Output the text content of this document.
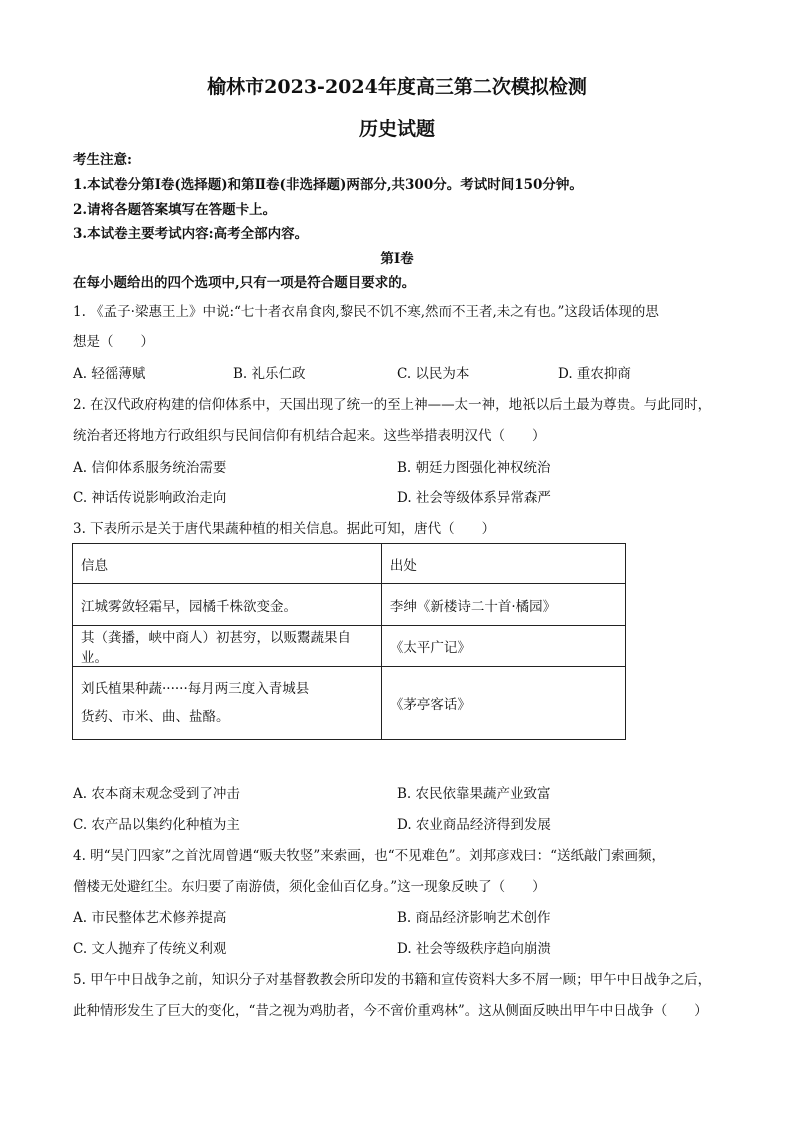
榆林市2023-2024年度高三第二次模拟检测
历史试题
考生注意:
1.本试卷分第Ⅰ卷(选择题)和第Ⅱ卷(非选择题)两部分,共300分。考试时间150分钟。
2.请将各题答案填写在答题卡上。
3.本试卷主要考试内容:高考全部内容。
第Ⅰ卷
在每小题给出的四个选项中,只有一项是符合题目要求的。
1. 《孟子·梁惠王上》中说:“七十者衣帛食肉,黎民不饥不寒,然而不王者,未之有也。”这段话体现的思
想是（　　）
A. 轻徭薄赋	B. 礼乐仁政	C. 以民为本	D. 重农抑商
2. 在汉代政府构建的信仰体系中，天国出现了统一的至上神——太一神，地祇以后土最为尊贵。与此同时，
统治者还将地方行政组织与民间信仰有机结合起来。这些举措表明汉代（　　）
A. 信仰体系服务统治需要	B. 朝廷力图强化神权统治
C. 神话传说影响政治走向	D. 社会等级体系异常森严
3. 下表所示是关于唐代果蔬种植的相关信息。据此可知，唐代（　　）
信息	出处
江城雾敛轻霜早，园橘千株欲变金。	李绅《新楼诗二十首·橘园》
其（龚播，峡中商人）初甚穷，以贩鬻蔬果自业。	《太平广记》

刘氏植果种蔬······每月两三度入青城县
货药、市米、曲、盐酪。	《茅亭客话》
A. 农本商末观念受到了冲击	B. 农民依靠果蔬产业致富
C. 农产品以集约化种植为主	D. 农业商品经济得到发展
4. 明“吴门四家”之首沈周曾遇“贩夫牧竖”来索画，也“不见难色”。刘邦彦戏曰：“送纸敲门索画频，
僧楼无处避红尘。东归要了南游债，须化金仙百亿身。”这一现象反映了（　　）
A. 市民整体艺术修养提高	B. 商品经济影响艺术创作
C. 文人抛弃了传统义利观	D. 社会等级秩序趋向崩溃
5. 甲午中日战争之前，知识分子对基督教教会所印发的书籍和宣传资料大多不屑一顾；甲午中日战争之后，
此种情形发生了巨大的变化，“昔之视为鸡肋者，今不啻价重鸡林”。这从侧面反映出甲午中日战争（　　）
